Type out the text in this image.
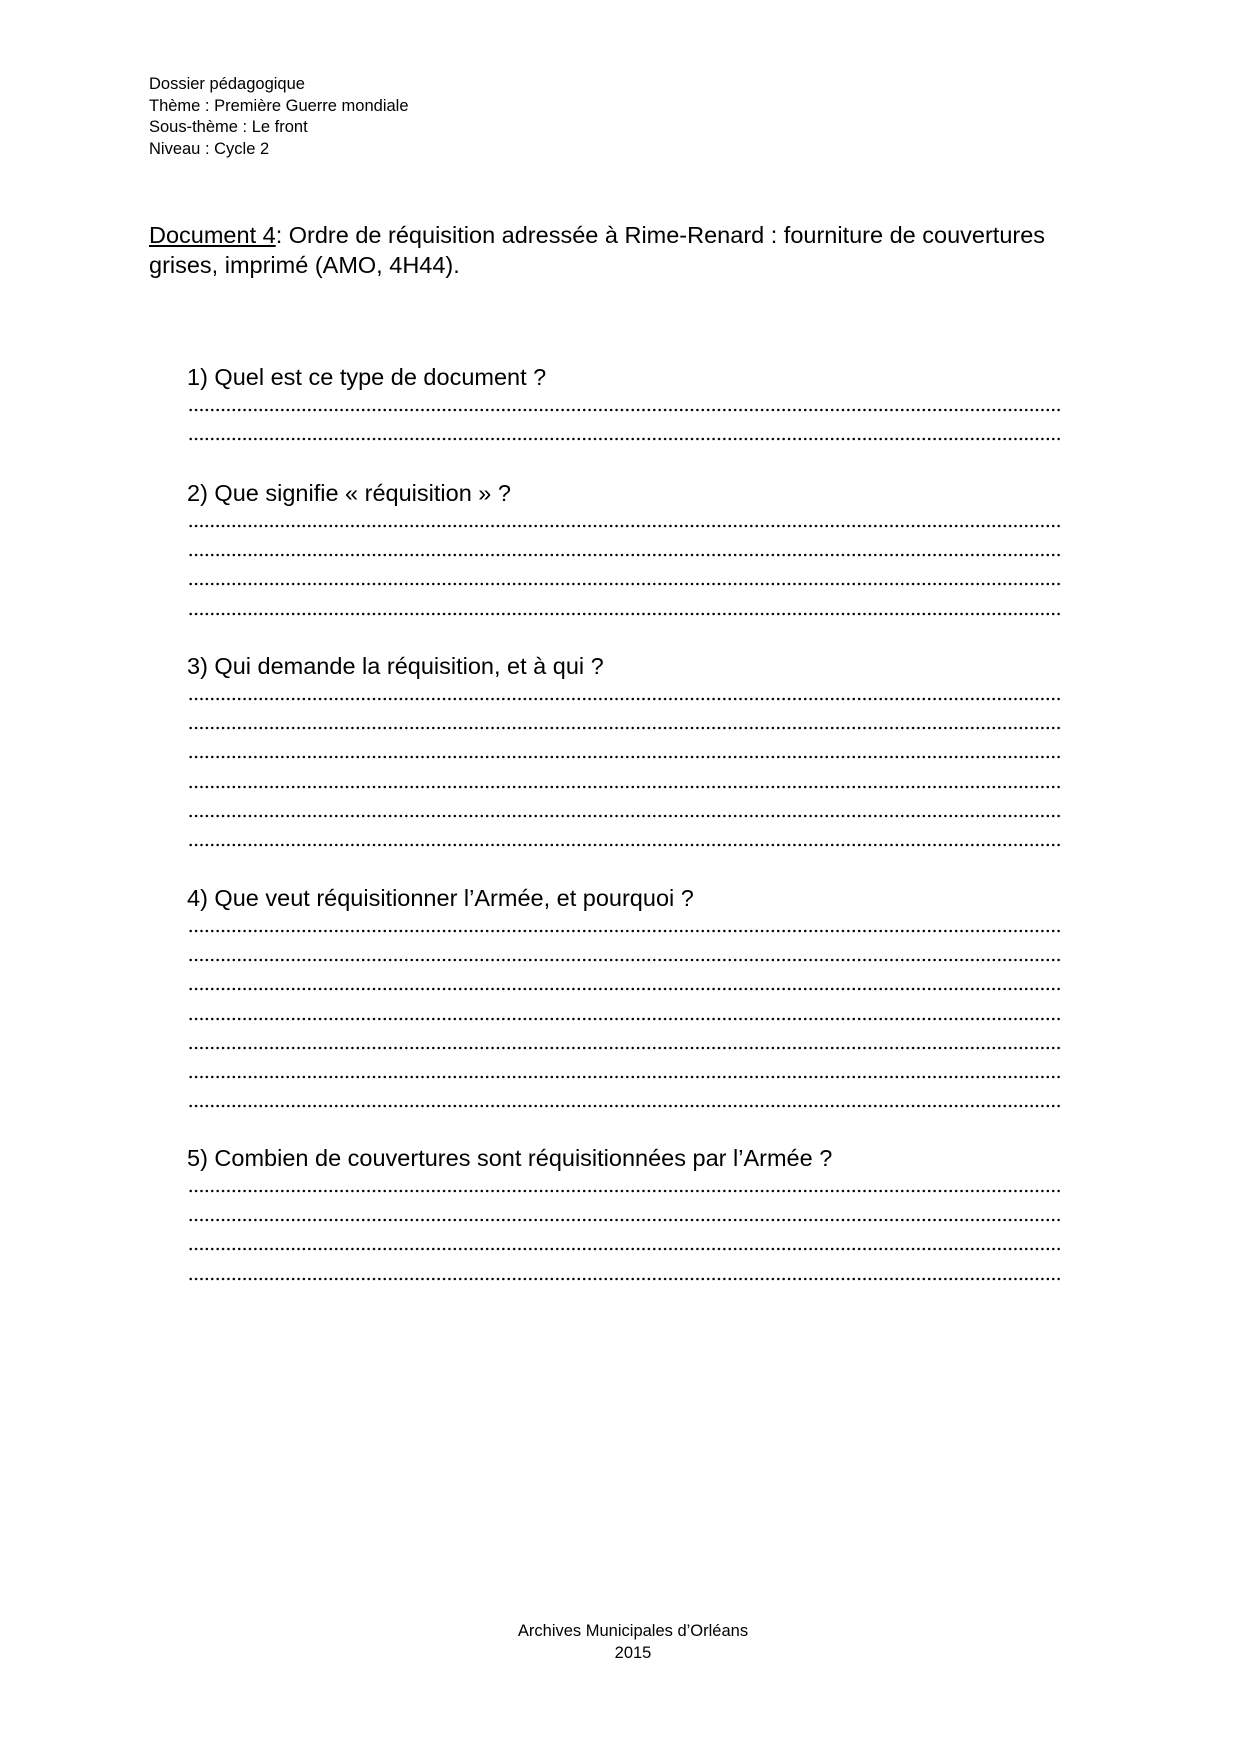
Dossier pédagogique
Thème : Première Guerre mondiale
Sous-thème : Le front
Niveau : Cycle 2
Document 4: Ordre de réquisition adressée à Rime-Renard : fourniture de couvertures grises, imprimé (AMO, 4H44).
1) Quel est ce type de document ?
2) Que signifie « réquisition » ?
3) Qui demande la réquisition, et à qui ?
4) Que veut réquisitionner l’Armée, et pourquoi ?
5) Combien de couvertures sont réquisitionnées par l’Armée ?
Archives Municipales d’Orléans
2015
